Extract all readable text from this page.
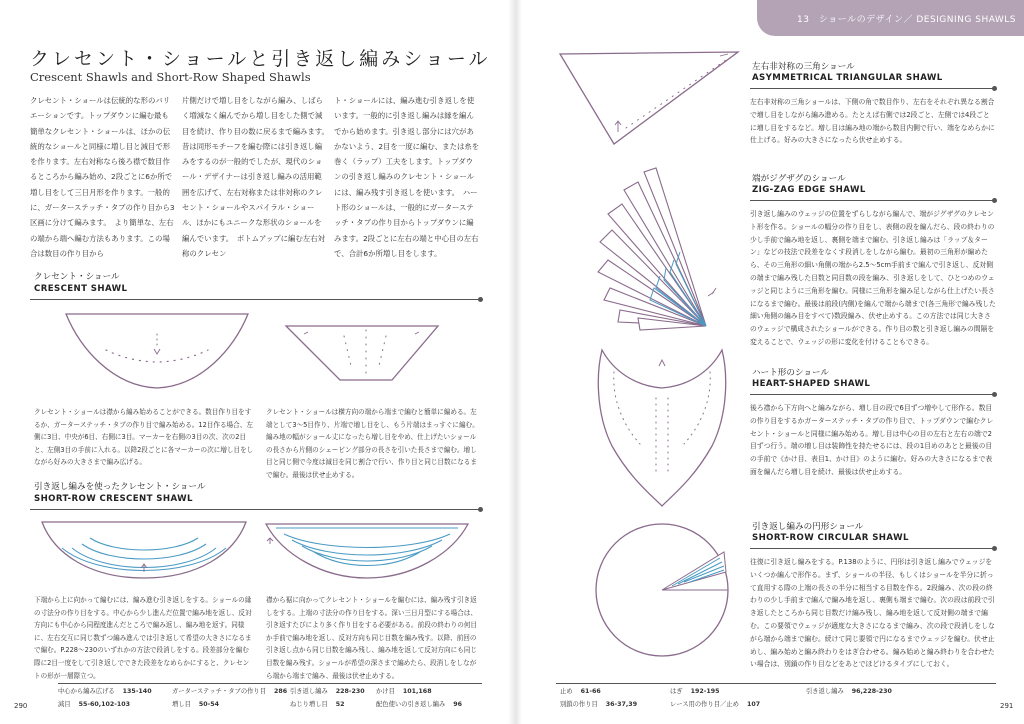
13　ショールのデザイン／ DESIGNING SHAWLS
クレセント・ショールと引き返し編みショール
Crescent Shawls and Short-Row Shaped Shawls

クレセント・ショールは伝統的な形のバリエーションです。トップダウンに編む最も簡単なクレセント・ショールは、ほかの伝統的なショールと同様に増し目と減目で形を作ります。左右対称なら後ろ襟で数目作るところから編み始め、2段ごとに6か所で増し目をして三日月形を作ります。一般的に、ガーターステッチ・タブの作り目から3区画に分けて編みます。　より簡単な、左右の端から端へ編む方法もあります。この場合は数目の作り目から

片側だけで増し目をしながら編み、しばらく増減なく編んでから増し目をした側で減目を続け、作り目の数に戻るまで編みます。　昔は同形モチーフを編む際には引き返し編みをするのが一般的でしたが、現代のショール・デザイナーは引き返し編みの活用範囲を広げて、左右対称または非対称のクレセント・ショールやスパイラル・ショール、ほかにもユニークな形状のショールを編んでいます。　ボトムアップに編む左右対称のクレセン

ト・ショールには、編み進む引き返しを使います。一般的に引き返し編みは縁を編んでから始めます。引き返し部分には穴があかないよう、2目を一度に編む、または糸を巻く（ラップ）工夫をします。トップダウンの引き返し編みのクレセント・ショールには、編み残す引き返しを使います。　ハート形のショールは、一般的にガーターステッチ・タブの作り目からトップダウンに編みます。2段ごとに左右の端と中心目の左右で、合計6か所増し目をします。

クレセント・ショール
CRESCENT SHAWL
クレセント・ショールは襟から編み始めることができる。数目作り目をするか、ガーターステッチ・タブの作り目で編み始める。12目作る場合、左側に3目、中央が6目、右側に3目。マーカーを右側の3目の次、次の2目と、左側3目の手前に入れる。以降2段ごとに各マーカーの次に増し目をしながら好みの大きさまで編み広げる。
クレセント・ショールは横方向の端から端まで編むと簡単に編める。左端として3〜5目作り、片端で増し目をし、もう片端はまっすぐに編む。編み地の幅がショール丈になったら増し目をやめ、仕上げたいショールの長さから片側のシェービング部分の長さを引いた長さまで編む。増し目と同じ側で今度は減目を同じ割合で行い、作り目と同じ目数になるまで編む。最後は伏せ止めする。
引き返し編みを使ったクレセント・ショール
SHORT-ROW CRESCENT SHAWL
下端から上に向かって編むには、編み進む引き返しをする。ショールの縁の寸法分の作り目をする。中心から少し進んだ位置で編み地を返し、反対方向にも中心から同程度進んだところで編み返し、編み地を返す。同様に、左右交互に同じ数ずつ編み進んでは引き返して希望の大きさになるまで編む。P.228〜230のいずれかの方法で段消しをする。段差部分を編む際に2目一度をして引き返しでできた段差をなめらかにすると、クレセントの形が一層際立つ。
襟から裾に向かってクレセント・ショールを編むには、編み残す引き返しをする。上端の寸法分の作り目をする。深い三日月型にする場合は、引き返すたびにより多く作り目をする必要がある。前段の終わりの何目か手前で編み地を返し、反対方向も同じ目数を編み残す。以降、前回の引き返し点から同じ目数を編み残し、編み地を返して反対方向にも同じ目数を編み残す。ショールが希望の深さまで編めたら、段消しをしながら端から端まで編み、最後は伏せ止めする。
290
中心から編み広げる 135-140	ガーターステッチ・タブの作り目 286 引き返し編み 228-230 かけ目 101,168
減目 55-60,102-103	増し目 50-54	ねじり増し目 52	配色使いの引き返し編み 96
左右非対称の三角ショール
ASYMMETRICAL TRIANGULAR SHAWL
左右非対称の三角ショールは、下側の角で数目作り、左右をそれぞれ異なる割合で増し目をしながら編み進める。たとえば右側では2段ごと、左側では4段ごとに増し目をするなど。増し目は編み地の端から数目内側で行い、端をなめらかに仕上げる。好みの大きさになったら伏せ止めする。
端がジグザグのショール
ZIG-ZAG EDGE SHAWL
引き返し編みのウェッジの位置をずらしながら編んで、端がジグザグのクレセント形を作る。ショールの幅分の作り目をし、表側の段を編んだら、段の終わりの少し手前で編み地を返し、裏側を端まで編む。引き返し編みは「ラップ＆ターン」などの技法で段差をなくす段消しをしながら編む。最初の三角形が編めたら、その三角形の細い角側の端から2.5〜5cm手前まで編んで引き返し、反対側の端まで編み残した目数と同目数の段を編み、引き返しをして、ひとつめのウェッジと同じように三角形を編む。同様に三角形を編み足しながら仕上げたい長さになるまで編む。最後は前段(内側)を編んで端から端まで(各三角形で編み残した細い角側の編み目をすべて)数段編み、伏せ止めする。この方法では同じ大きさのウェッジで構成されたショールができる。作り目の数と引き返し編みの間隔を変えることで、ウェッジの形に変化を付けることもできる。
ハート形のショール
HEART-SHAPED SHAWL
後ろ襟から下方向へと編みながら、増し目の段で6目ずつ増やして形作る。数目の作り目をするかガーターステッチ・タブの作り目で、トップダウンで編むクレセント・ショールと同様に編み始める。増し目は中心の目の左右と左右の端で2目ずつ行う。端の増し目は装飾性を持たせるには、段の1目めのあとと最後の目の手前で《かけ目、表目1、かけ目》のように編む。好みの大きさになるまで表面を編んだら増し目を続け、最後は伏せ止めする。
引き返し編みの円形ショール
SHORT-ROW CIRCULAR SHAWL
往復に引き返し編みをする。P.138のように、円形は引き返し編みでウェッジをいくつか編んで形作る。まず、ショールの半径、もしくはショールを半分に折って直用する際の上端の長さの半分に相当する目数を作る。2段編み、次の段の終わりの少し手前まで編んで編み地を返し、裏側も端まで編む。次の段は前段で引き返したところから同じ目数だけ編み残し、編み地を返して反対側の端まで編む。この要領でウェッジが適度な大きさになるまで編み、次の段で段消しをしながら端から端まで編む。続けて同じ要領で円になるまでウェッジを編む。伏せ止めし、編み始めと編み終わりをはぎ合わせる。編み始めと編み終わりを合わせたい場合は、別鎖の作り目などをあとでほどけるタイプにしておく。
291
止め 61-66	はぎ 192-195	引き返し編み 96,228-230
別鎖の作り目 36-37,39	レース用の作り目／止め 107
